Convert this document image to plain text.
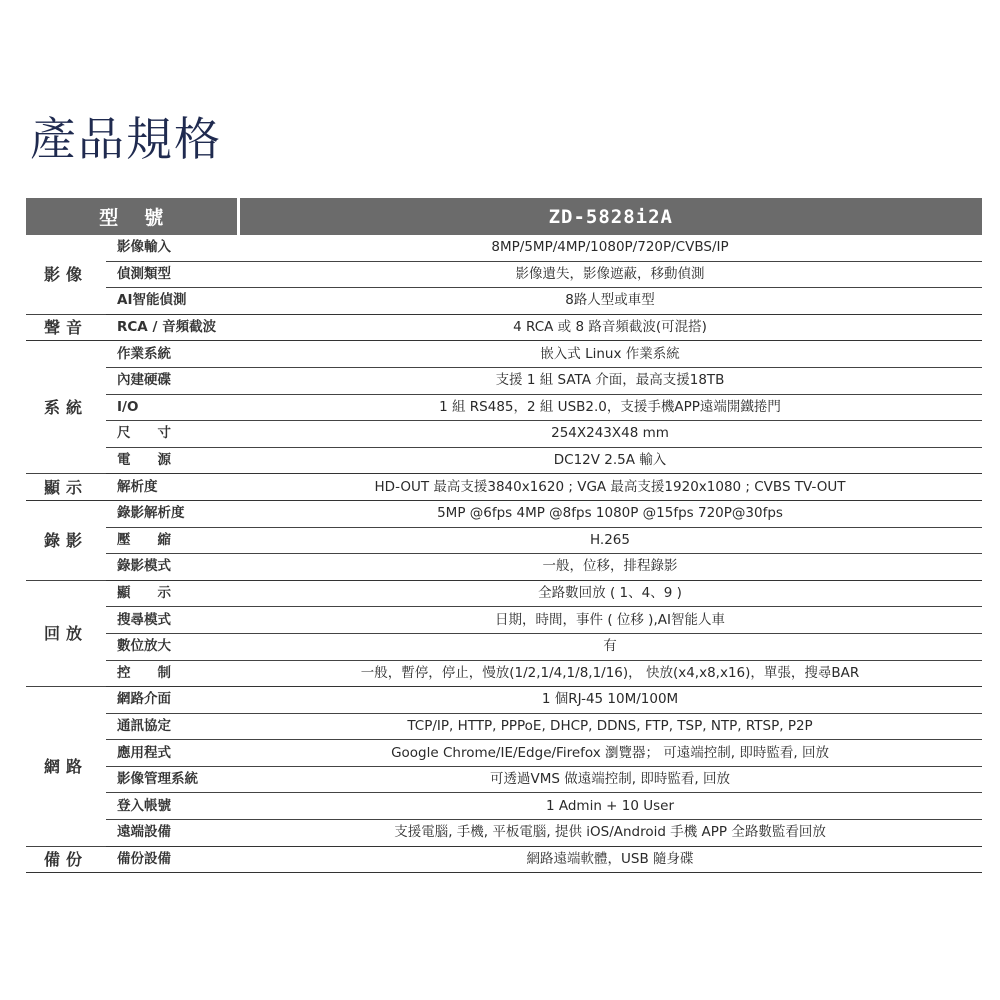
產品規格
型號		ZD-5828i2A
影像	影像輸入	8MP/5MP/4MP/1080P/720P/CVBS/IP
	偵測類型	影像遺失，影像遮蔽，移動偵測
	AI智能偵測	8路人型或車型
聲音	RCA / 音頻截波	4 RCA 或 8 路音頻截波(可混搭)
系統	作業系統	嵌入式 Linux 作業系統
	內建硬碟	支援 1 組 SATA 介面，最高支援18TB
	I/O	1 組 RS485，2 組 USB2.0，支援手機APP遠端開鐵捲門
	尺　　寸	254X243X48 mm
	電　　源	DC12V 2.5A 輸入
顯示	解析度	HD-OUT 最高支援3840x1620 ; VGA 最高支援1920x1080 ; CVBS TV-OUT
錄影	錄影解析度	5MP @6fps 4MP @8fps 1080P @15fps 720P@30fps
	壓　　縮	H.265
	錄影模式	一般，位移，排程錄影
回放	顯　　示	全路數回放 ( 1、4、9 )
	搜尋模式	日期，時間，事件 ( 位移 ),AI智能人車
	數位放大	有
	控　　制	一般，暫停，停止，慢放(1/2,1/4,1/8,1/16)， 快放(x4,x8,x16)，單張，搜尋BAR
網路	網路介面	1 個RJ-45 10M/100M
	通訊協定	TCP/IP, HTTP, PPPoE, DHCP, DDNS, FTP, TSP, NTP, RTSP, P2P
	應用程式	Google Chrome/IE/Edge/Firefox 瀏覽器； 可遠端控制, 即時監看, 回放
	影像管理系統	可透過VMS 做遠端控制, 即時監看, 回放
	登入帳號	1 Admin + 10 User
	遠端設備	支援電腦, 手機, 平板電腦, 提供 iOS/Android 手機 APP 全路數監看回放
備份	備份設備	網路遠端軟體，USB 隨身碟
